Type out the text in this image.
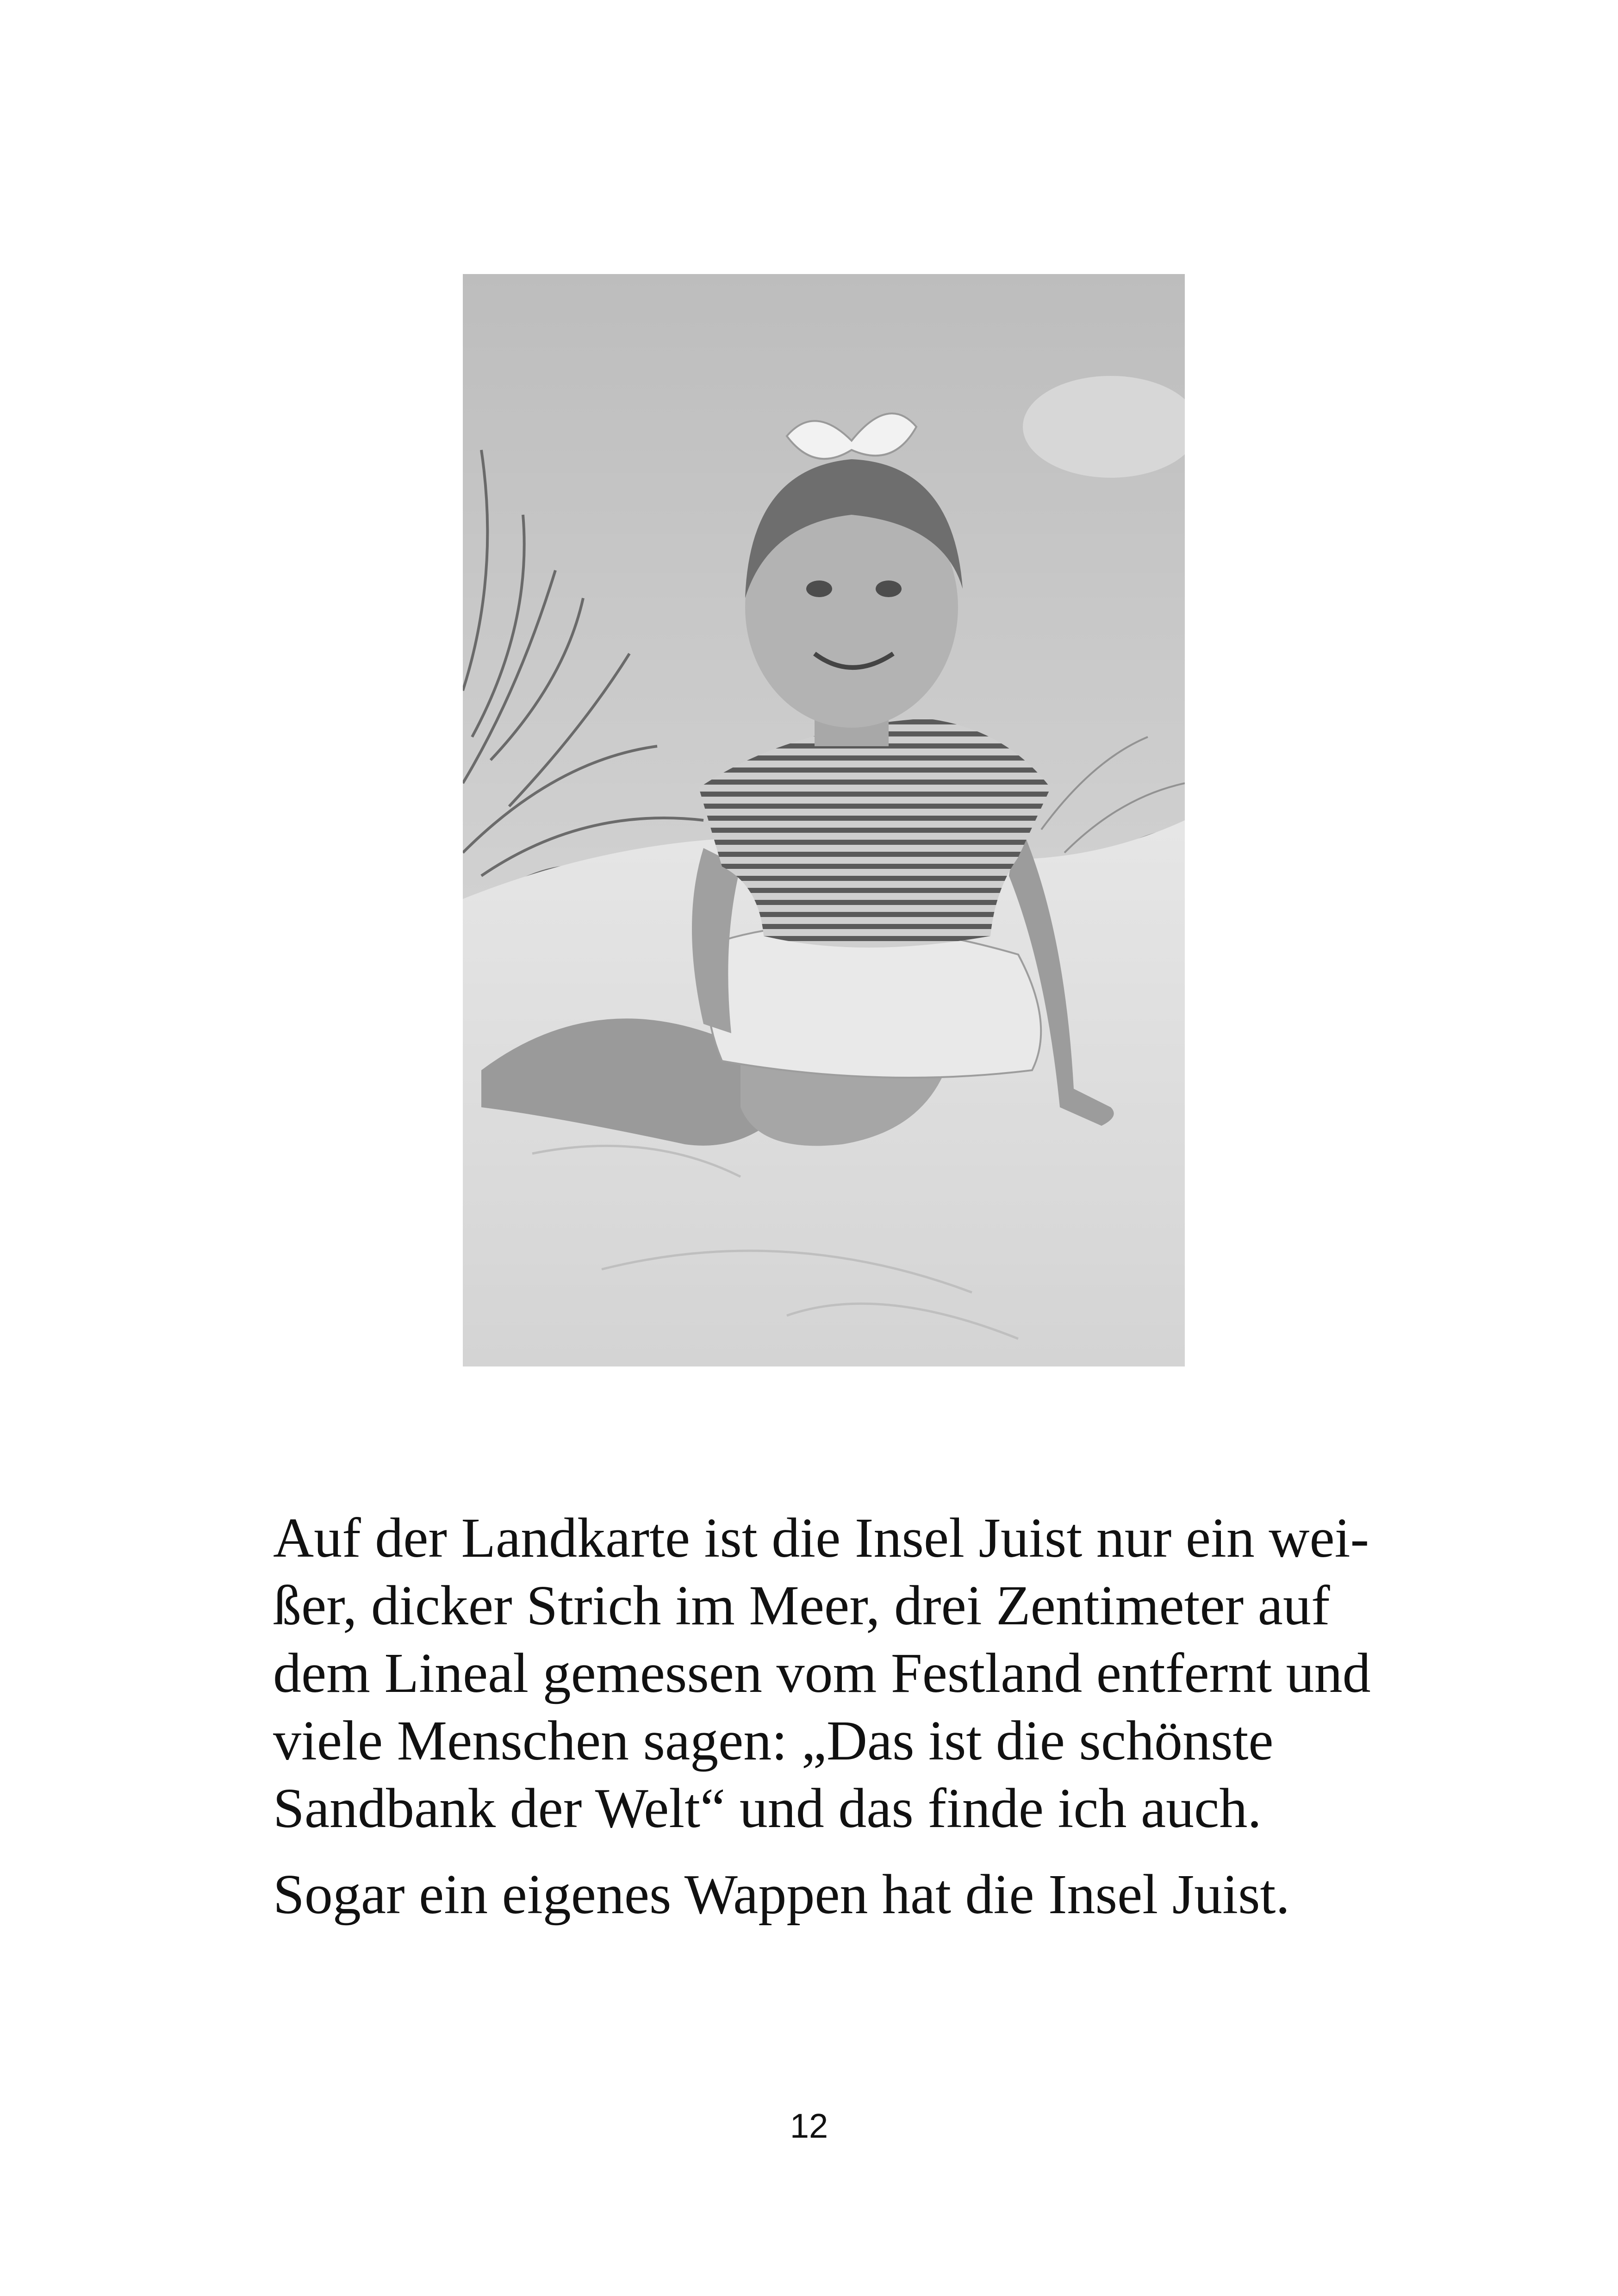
Auf der Landkarte ist die Insel Juist nur ein wei-
ßer, dicker Strich im Meer, drei Zentimeter auf
dem Lineal gemessen vom Festland entfernt und
viele Menschen sagen: „Das ist die schönste
Sandbank der Welt“ und das finde ich auch.
Sogar ein eigenes Wappen hat die Insel Juist.
12
